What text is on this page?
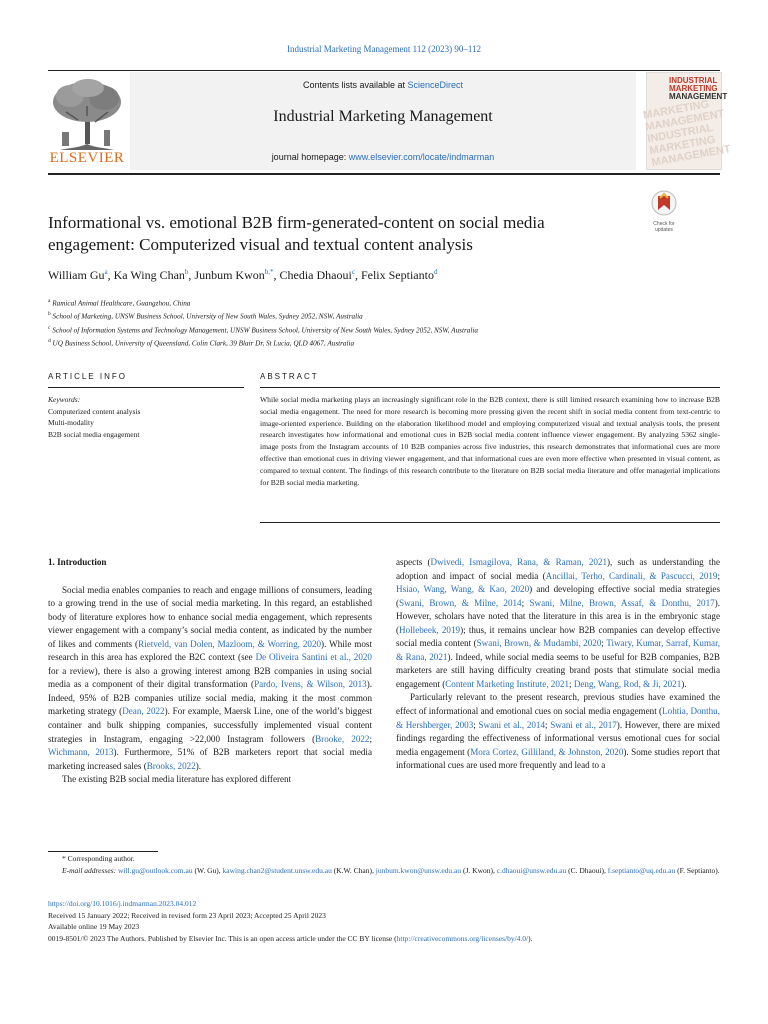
Industrial Marketing Management 112 (2023) 90–112
ELSEVIER
Contents lists available at ScienceDirect
Industrial Marketing Management
journal homepage: www.elsevier.com/locate/indmarman
MARKETING MANAGEMENT INDUSTRIAL MARKETING MANAGEMENT
INDUSTRIAL
MARKETING
MANAGEMENT
Check for
updates
Informational vs. emotional B2B firm-generated-content on social media engagement: Computerized visual and textual content analysis
William Gu$^a$, Ka Wing Chan$^b$, Junbum Kwon$^{b,*}$, Chedia Dhaoui$^c$, Felix Septianto$^d$
$^a$ Ramical Animal Healthcare, Guangzhou, China
$^b$ School of Marketing, UNSW Business School, University of New South Wales, Sydney 2052, NSW, Australia
$^c$ School of Information Systems and Technology Management, UNSW Business School, University of New South Wales, Sydney 2052, NSW, Australia
$^d$ UQ Business School, University of Queensland, Colin Clark, 39 Blair Dr, St Lucia, QLD 4067, Australia
ARTICLE INFO	ABSTRACT
Keywords:
Computerized content analysis
Multi-modality
B2B social media engagement
While social media marketing plays an increasingly significant role in the B2B context, there is still limited research examining how to increase B2B social media engagement. The need for more research is becoming more pressing given the recent shift in social media content from text-centric to image-oriented experience. Building on the elaboration likelihood model and employing computerized visual and textual analysis tools, the present research investigates how informational and emotional cues in B2B social media content influence viewer engagement. By analyzing 5362 single-image posts from the Instagram accounts of 10 B2B companies across five industries, this research demonstrates that informational cues are more effective than emotional cues in driving viewer engagement, and that informational cues are even more effective when presented in visual content, as compared to textual content. The findings of this research contribute to the literature on B2B social media literature and offer managerial implications for B2B social media marketing.
1. Introduction

Social media enables companies to reach and engage millions of consumers, leading to a growing trend in the use of social media marketing. In this regard, an established body of literature explores how to enhance social media engagement, which represents viewer engagement with a company’s social media content, as indicated by the number of likes and comments (Rietveld, van Dolen, Mazloom, & Worring, 2020). While most research in this area has explored the B2C context (see De Oliveira Santini et al., 2020 for a review), there is also a growing interest among B2B companies in using social media as a component of their digital transformation (Pardo, Ivens, & Wilson, 2013). Indeed, 95% of B2B companies utilize social media, making it the most common marketing strategy (Dean, 2022). For example, Maersk Line, one of the world’s biggest container and bulk shipping companies, successfully implemented visual content strategies in Instagram, engaging >22,000 Instagram followers (Brooke, 2022; Wichmann, 2013). Furthermore, 51% of B2B marketers report that social media marketing increased sales (Brooks, 2022).

The existing B2B social media literature has explored different

aspects (Dwivedi, Ismagilova, Rana, & Raman, 2021), such as understanding the adoption and impact of social media (Ancillai, Terho, Cardinali, & Pascucci, 2019; Hsiao, Wang, Wang, & Kao, 2020) and developing effective social media strategies (Swani, Brown, & Milne, 2014; Swani, Milne, Brown, Assaf, & Donthu, 2017). However, scholars have noted that the literature in this area is in the embryonic stage (Hollebeek, 2019); thus, it remains unclear how B2B companies can develop effective social media content (Swani, Brown, & Mudambi, 2020; Tiwary, Kumar, Sarraf, Kumar, & Rana, 2021). Indeed, while social media seems to be useful for B2B companies, B2B marketers are still having difficulty creating brand posts that stimulate social media engagement (Content Marketing Institute, 2021; Deng, Wang, Rod, & Ji, 2021).

Particularly relevant to the present research, previous studies have examined the effect of informational and emotional cues on social media engagement (Lohtia, Donthu, & Hershberger, 2003; Swani et al., 2014; Swani et al., 2017). However, there are mixed findings regarding the effectiveness of informational versus emotional cues for social media engagement (Mora Cortez, Gilliland, & Johnston, 2020). Some studies report that informational cues are used more frequently and lead to a

* Corresponding author.
E-mail addresses: will.gu@outlook.com.au (W. Gu), kawing.chan2@student.unsw.edu.au (K.W. Chan), junbum.kwon@unsw.edu.au (J. Kwon), c.dhaoui@unsw.edu.au (C. Dhaoui), f.septianto@uq.edu.au (F. Septianto).
https://doi.org/10.1016/j.indmarman.2023.04.012
Received 15 January 2022; Received in revised form 23 April 2023; Accepted 25 April 2023
Available online 19 May 2023
0019-8501/© 2023 The Authors. Published by Elsevier Inc. This is an open access article under the CC BY license (http://creativecommons.org/licenses/by/4.0/).
